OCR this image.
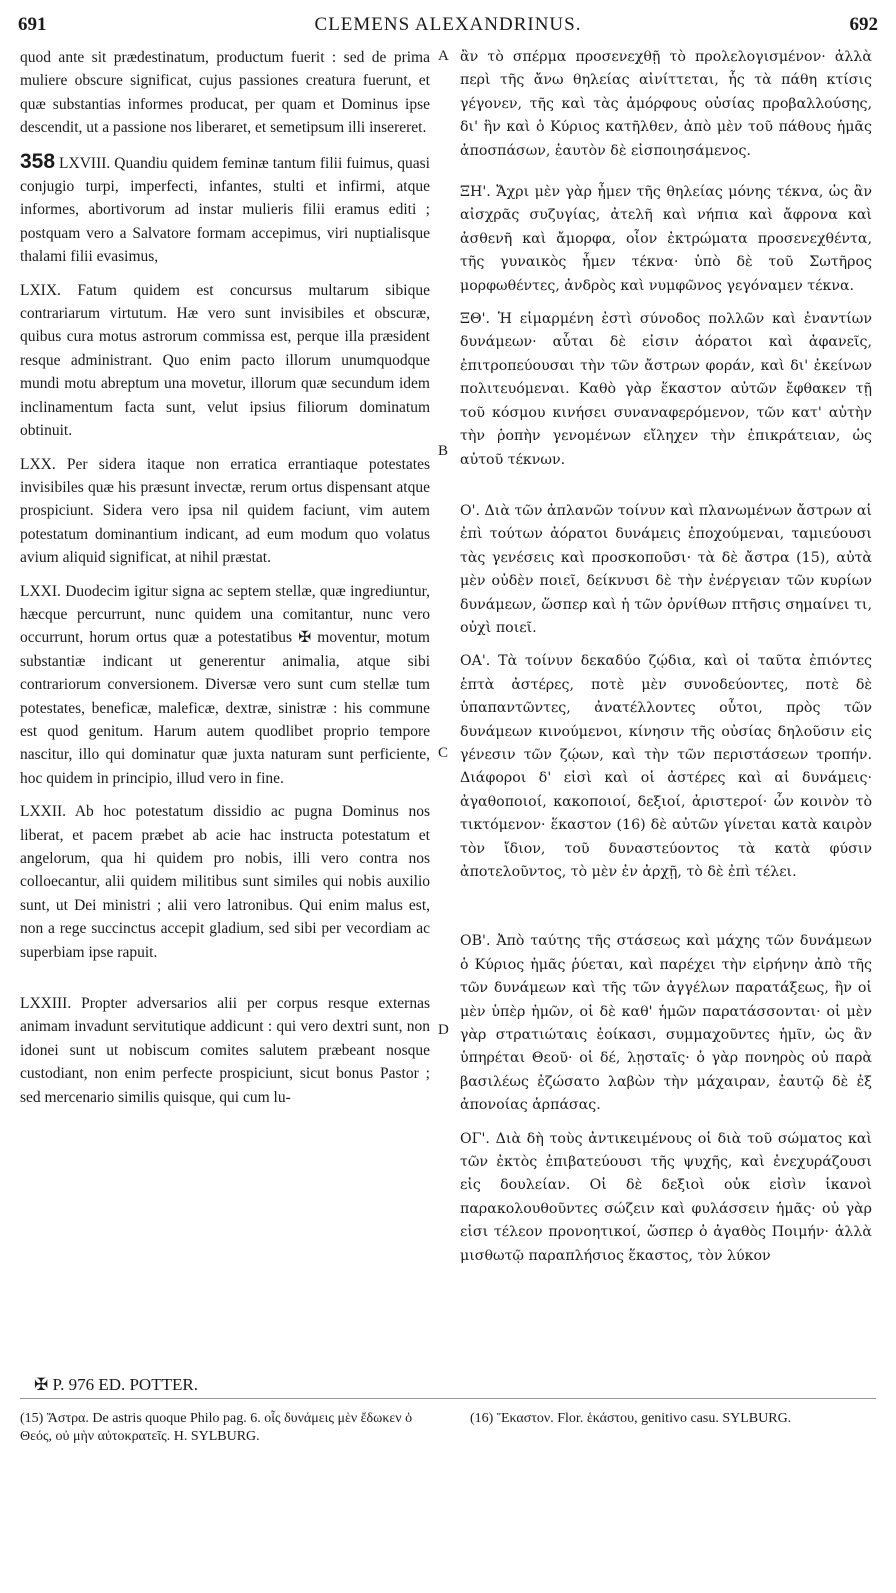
691	CLEMENS ALEXANDRINUS.	692

quod ante sit prædestinatum, productum fuerit : sed de prima muliere obscure significat, cujus passiones creatura fuerunt, et quæ substantias informes producat, per quam et Dominus ipse descendit, ut a passione nos liberaret, et semetipsum illi insereret.

358 LXVIII. Quandiu quidem feminæ tantum filii fuimus, quasi conjugio turpi, imperfecti, infantes, stulti et infirmi, atque informes, abortivorum ad instar mulieris filii eramus editi ; postquam vero a Salvatore formam accepimus, viri nuptialisque thalami filii evasimus,

LXIX. Fatum quidem est concursus multarum sibique contrariarum virtutum. Hæ vero sunt invisibiles et obscuræ, quibus cura motus astrorum commissa est, perque illa præsident resque administrant. Quo enim pacto illorum unumquodque mundi motu abreptum una movetur, illorum quæ secundum idem inclinamentum facta sunt, velut ipsius filiorum dominatum obtinuit.

LXX. Per sidera itaque non erratica errantiaque potestates invisibiles quæ his præsunt invectæ, rerum ortus dispensant atque prospiciunt. Sidera vero ipsa nil quidem faciunt, vim autem potestatum dominantium indicant, ad eum modum quo volatus avium aliquid significat, at nihil præstat.

LXXI. Duodecim igitur signa ac septem stellæ, quæ ingrediuntur, hæcque percurrunt, nunc quidem una comitantur, nunc vero occurrunt, horum ortus quæ a potestatibus ✠ moventur, motum substantiæ indicant ut generentur animalia, atque sibi contrariorum conversionem. Diversæ vero sunt cum stellæ tum potestates, beneficæ, maleficæ, dextræ, sinistræ : his commune est quod genitum. Harum autem quodlibet proprio tempore nascitur, illo qui dominatur quæ juxta naturam sunt perficiente, hoc quidem in principio, illud vero in fine.

LXXII. Ab hoc potestatum dissidio ac pugna Dominus nos liberat, et pacem præbet ab acie hac instructa potestatum et angelorum, qua hi quidem pro nobis, illi vero contra nos colloecantur, alii quidem militibus sunt similes qui nobis auxilio sunt, ut Dei ministri ; alii vero latronibus. Qui enim malus est, non a rege succinctus accepit gladium, sed sibi per vecordiam ac superbiam ipse rapuit.

LXXIII. Propter adversarios alii per corpus resque externas animam invadunt servitutique addicunt : qui vero dextri sunt, non idonei sunt ut nobiscum comites salutem præbeant nosque custodiant, non enim perfecte prospiciunt, sicut bonus Pastor ; sed mercenario similis quisque, qui cum lu-

A
B
C
D

ἂν τὸ σπέρμα προσενεχθῇ τὸ προλελογισμένον· ἀλλὰ περὶ τῆς ἄνω θηλείας αἰνίττεται, ἧς τὰ πάθη κτίσις γέγονεν, τῆς καὶ τὰς ἀμόρφους οὐσίας προβαλλούσης, δι' ἣν καὶ ὁ Κύριος κατῆλθεν, ἀπὸ μὲν τοῦ πάθους ἡμᾶς ἀποσπάσων, ἑαυτὸν δὲ εἰσποιησάμενος.

ΞΗ'. Ἄχρι μὲν γὰρ ἦμεν τῆς θηλείας μόνης τέκνα, ὡς ἂν αἰσχρᾶς συζυγίας, ἀτελῆ καὶ νήπια καὶ ἄφρονα καὶ ἀσθενῆ καὶ ἄμορφα, οἷον ἐκτρώματα προσενεχθέντα, τῆς γυναικὸς ἦμεν τέκνα· ὑπὸ δὲ τοῦ Σωτῆρος μορφωθέντες, ἀνδρὸς καὶ νυμφῶνος γεγόναμεν τέκνα.

ΞΘ'. Ἡ εἱμαρμένη ἐστὶ σύνοδος πολλῶν καὶ ἐναντίων δυνάμεων· αὗται δὲ εἰσιν ἀόρατοι καὶ ἀφανεῖς, ἐπιτροπεύουσαι τὴν τῶν ἄστρων φοράν, καὶ δι' ἐκείνων πολιτευόμεναι. Καθὸ γὰρ ἕκαστον αὐτῶν ἔφθακεν τῇ τοῦ κόσμου κινήσει συναναφερόμενον, τῶν κατ' αὐτὴν τὴν ῥοπὴν γενομένων εἴληχεν τὴν ἐπικράτειαν, ὡς αὐτοῦ τέκνων.

Ο'. Διὰ τῶν ἀπλανῶν τοίνυν καὶ πλανωμένων ἄστρων αἱ ἐπὶ τούτων ἀόρατοι δυνάμεις ἐποχούμεναι, ταμιεύουσι τὰς γενέσεις καὶ προσκοποῦσι· τὰ δὲ ἄστρα (15), αὐτὰ μὲν οὐδὲν ποιεῖ, δείκνυσι δὲ τὴν ἐνέργειαν τῶν κυρίων δυνάμεων, ὥσπερ καὶ ἡ τῶν ὀρνίθων πτῆσις σημαίνει τι, οὐχὶ ποιεῖ.

ΟΑ'. Τὰ τοίνυν δεκαδύο ζῴδια, καὶ οἱ ταῦτα ἐπιόντες ἑπτὰ ἀστέρες, ποτὲ μὲν συνοδεύοντες, ποτὲ δὲ ὑπαπαντῶντες, ἀνατέλλοντες οὗτοι, πρὸς τῶν δυνάμεων κινούμενοι, κίνησιν τῆς οὐσίας δηλοῦσιν εἰς γένεσιν τῶν ζῴων, καὶ τὴν τῶν περιστάσεων τροπήν. Διάφοροι δ' εἰσὶ καὶ οἱ ἀστέρες καὶ αἱ δυνάμεις· ἀγαθοποιοί, κακοποιοί, δεξιοί, ἀριστεροί· ὧν κοινὸν τὸ τικτόμενον· ἕκαστον (16) δὲ αὐτῶν γίνεται κατὰ καιρὸν τὸν ἴδιον, τοῦ δυναστεύοντος τὰ κατὰ φύσιν ἀποτελοῦντος, τὸ μὲν ἐν ἀρχῇ, τὸ δὲ ἐπὶ τέλει.

ΟΒ'. Ἀπὸ ταύτης τῆς στάσεως καὶ μάχης τῶν δυνάμεων ὁ Κύριος ἡμᾶς ῥύεται, καὶ παρέχει τὴν εἰρήνην ἀπὸ τῆς τῶν δυνάμεων καὶ τῆς τῶν ἀγγέλων παρατάξεως, ἣν οἱ μὲν ὑπὲρ ἡμῶν, οἱ δὲ καθ' ἡμῶν παρατάσσονται· οἱ μὲν γὰρ στρατιώταις ἐοίκασι, συμμαχοῦντες ἡμῖν, ὡς ἂν ὑπηρέται Θεοῦ· οἱ δέ, λῃσταῖς· ὁ γὰρ πονηρὸς οὐ παρὰ βασιλέως ἐζώσατο λαβὼν τὴν μάχαιραν, ἑαυτῷ δὲ ἐξ ἀπονοίας ἁρπάσας.

ΟΓ'. Διὰ δὴ τοὺς ἀντικειμένους οἱ διὰ τοῦ σώματος καὶ τῶν ἐκτὸς ἐπιβατεύουσι τῆς ψυχῆς, καὶ ἐνεχυράζουσι εἰς δουλείαν. Οἱ δὲ δεξιοὶ οὐκ εἰσὶν ἱκανοὶ παρακολουθοῦντες σώζειν καὶ φυλάσσειν ἡμᾶς· οὐ γὰρ εἰσι τέλεον προνοητικοί, ὥσπερ ὁ ἀγαθὸς Ποιμήν· ἀλλὰ μισθωτῷ παραπλήσιος ἕκαστος, τὸν λύκον

✠ P. 976 ED. POTTER.
(15) Ἄστρα. De astris quoque Philo pag. 6. οἷς δυνάμεις μὲν ἔδωκεν ὁ Θεός, οὐ μὴν αὐτοκρατεῖς. H. SYLBURG.
(16) Ἕκαστον. Flor. ἑκάστου, genitivo casu. SYLBURG.
